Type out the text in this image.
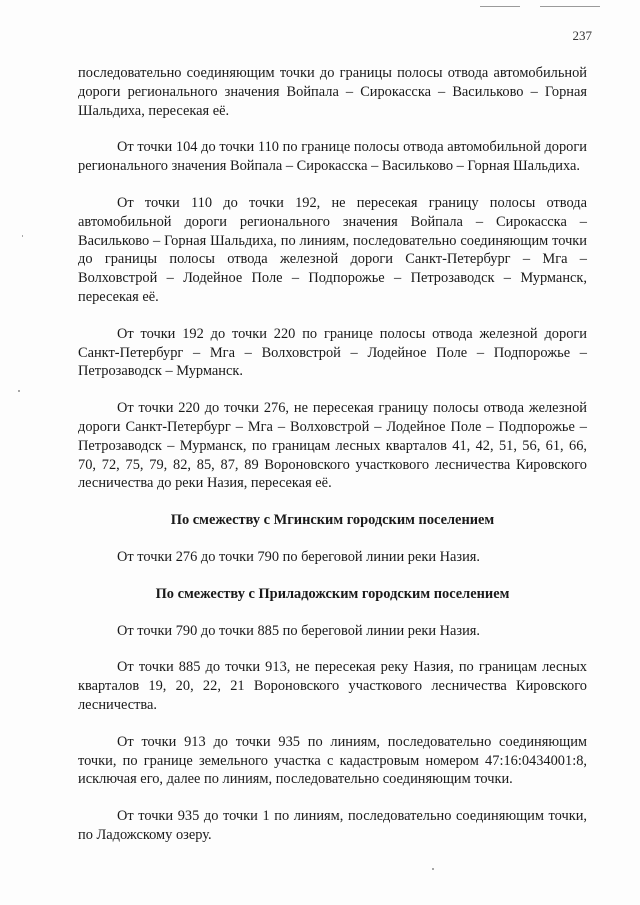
237

последовательно соединяющим точки до границы полосы отвода автомобильной дороги регионального значения Войпала – Сирокасска – Васильково – Горная Шальдиха, пересекая её.

От точки 104 до точки 110 по границе полосы отвода автомобильной дороги регионального значения Войпала – Сирокасска – Васильково – Горная Шальдиха.

От точки 110 до точки 192, не пересекая границу полосы отвода автомобильной дороги регионального значения Войпала – Сирокасска – Васильково – Горная Шальдиха, по линиям, последовательно соединяющим точки до границы полосы отвода железной дороги Санкт-Петербург – Мга – Волховстрой – Лодейное Поле – Подпорожье – Петрозаводск – Мурманск, пересекая её.

От точки 192 до точки 220 по границе полосы отвода железной дороги Санкт-Петербург – Мга – Волховстрой – Лодейное Поле – Подпорожье – Петрозаводск – Мурманск.

От точки 220 до точки 276, не пересекая границу полосы отвода железной дороги Санкт-Петербург – Мга – Волховстрой – Лодейное Поле – Подпорожье – Петрозаводск – Мурманск, по границам лесных кварталов 41, 42, 51, 56, 61, 66, 70, 72, 75, 79, 82, 85, 87, 89 Вороновского участкового лесничества Кировского лесничества до реки Назия, пересекая её.

По смежеству с Мгинским городским поселением

От точки 276 до точки 790 по береговой линии реки Назия.

По смежеству с Приладожским городским поселением

От точки 790 до точки 885 по береговой линии реки Назия.

От точки 885 до точки 913, не пересекая реку Назия, по границам лесных кварталов 19, 20, 22, 21 Вороновского участкового лесничества Кировского лесничества.

От точки 913 до точки 935 по линиям, последовательно соединяющим точки, по границе земельного участка с кадастровым номером 47:16:0434001:8, исключая его, далее по линиям, последовательно соединяющим точки.

От точки 935 до точки 1 по линиям, последовательно соединяющим точки, по Ладожскому озеру.
